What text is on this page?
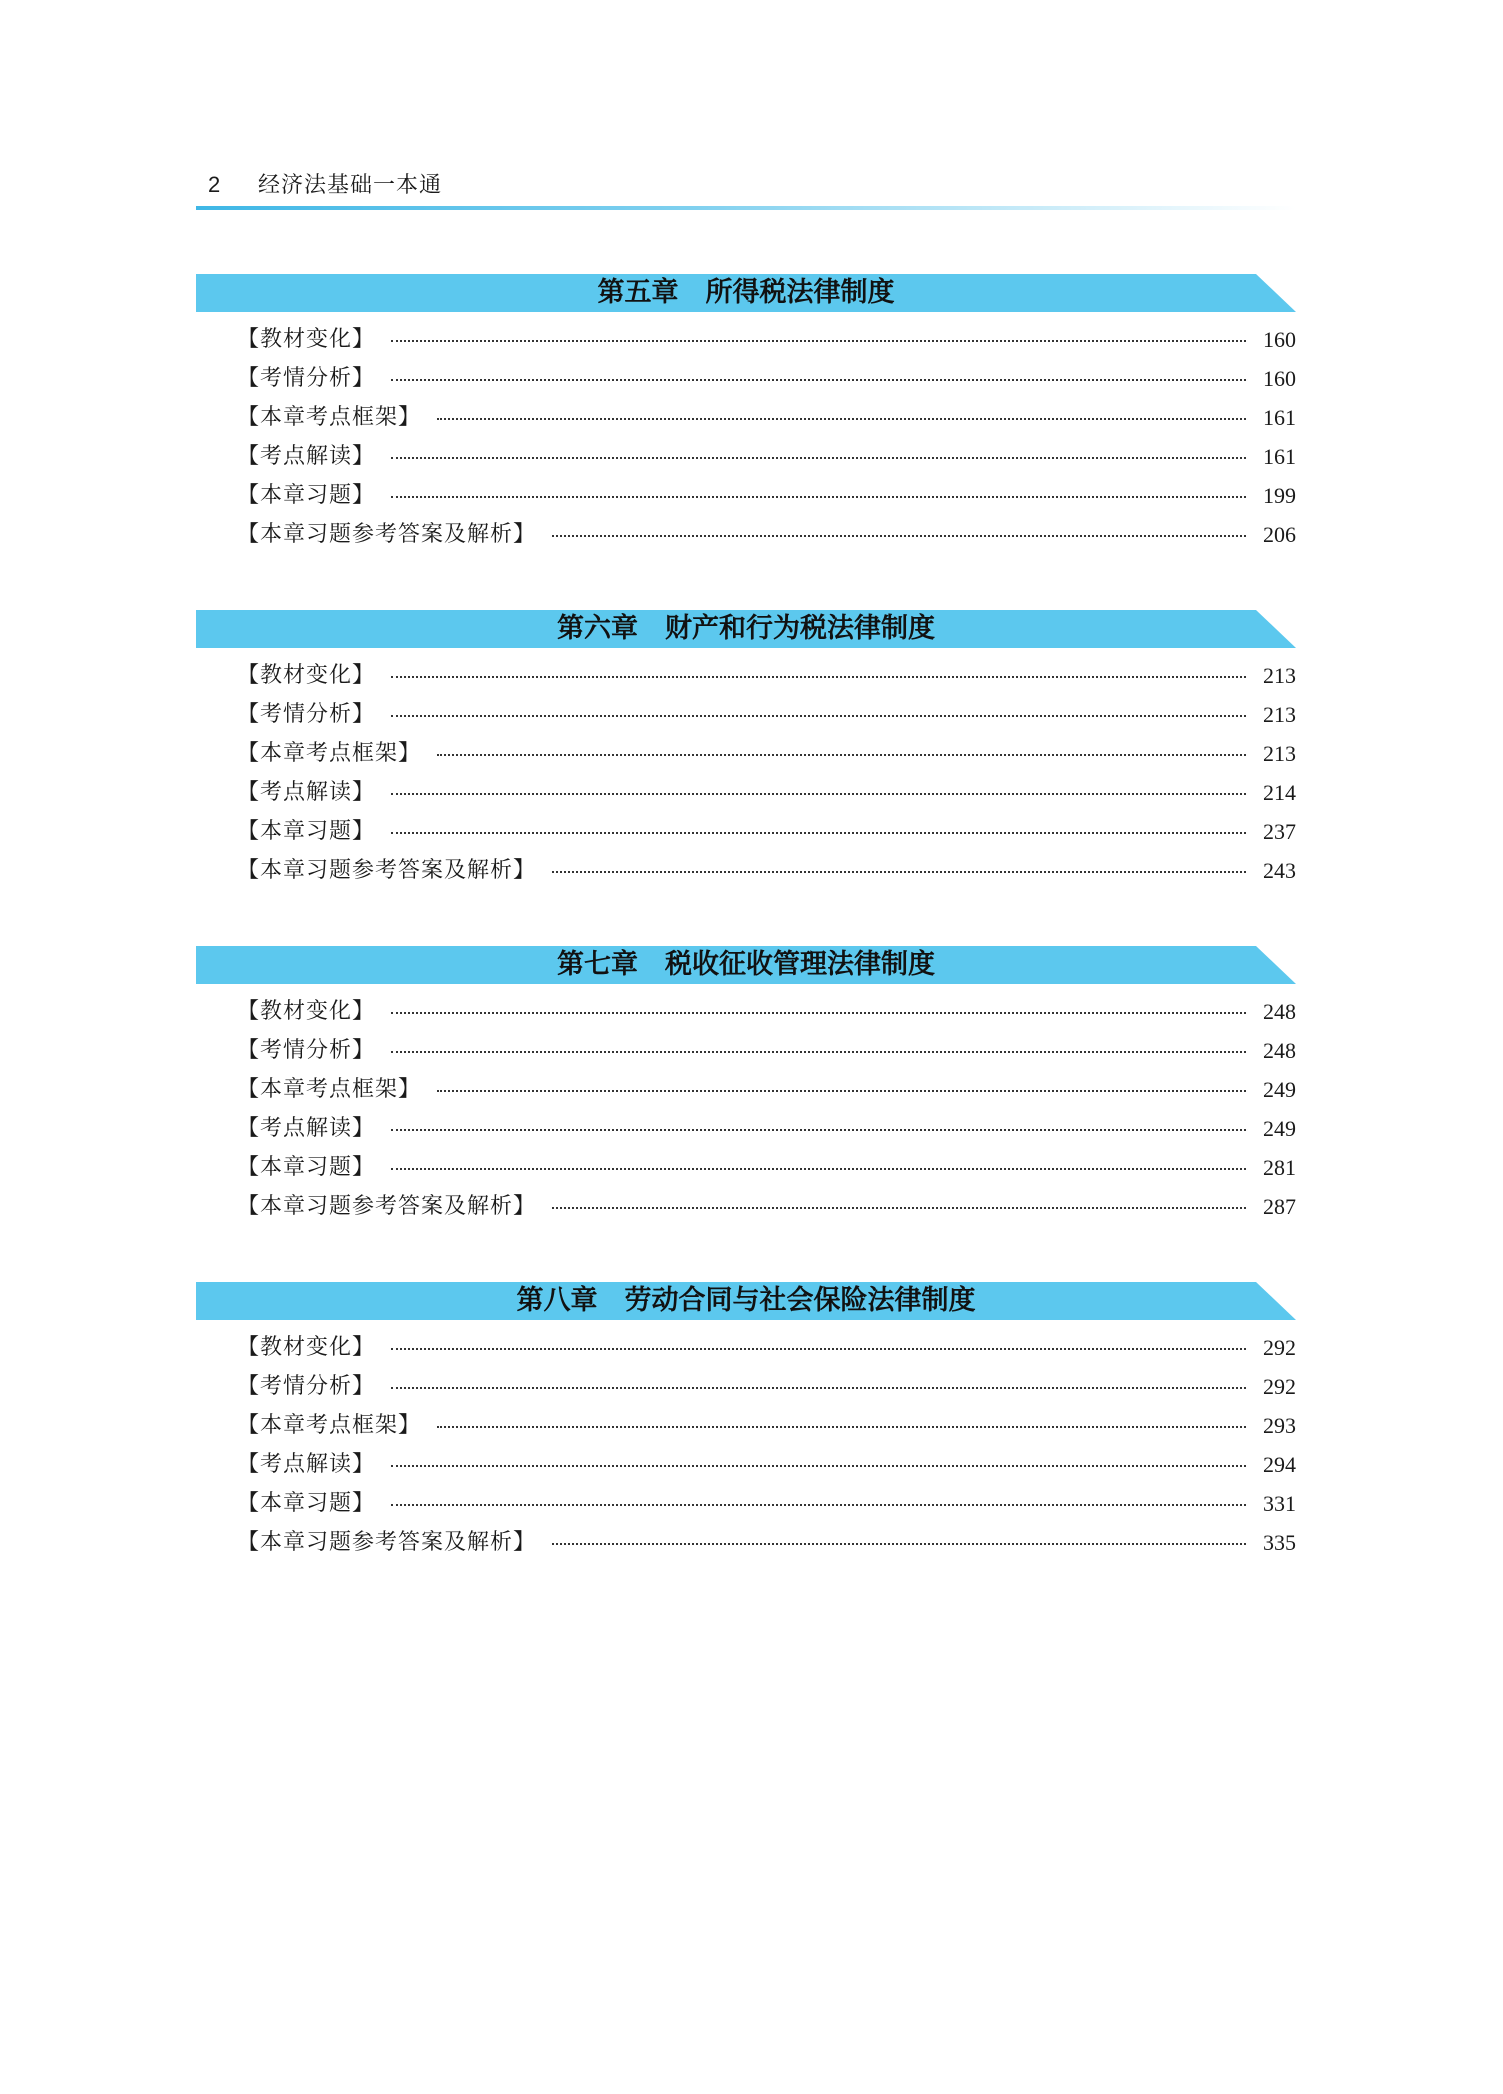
2 经济法基础一本通
第五章　所得税法律制度
【教材变化】	160
【考情分析】	160
【本章考点框架】	161
【考点解读】	161
【本章习题】	199
【本章习题参考答案及解析】	206
第六章　财产和行为税法律制度
【教材变化】	213
【考情分析】	213
【本章考点框架】	213
【考点解读】	214
【本章习题】	237
【本章习题参考答案及解析】	243
第七章　税收征收管理法律制度
【教材变化】	248
【考情分析】	248
【本章考点框架】	249
【考点解读】	249
【本章习题】	281
【本章习题参考答案及解析】	287
第八章　劳动合同与社会保险法律制度
【教材变化】	292
【考情分析】	292
【本章考点框架】	293
【考点解读】	294
【本章习题】	331
【本章习题参考答案及解析】	335
